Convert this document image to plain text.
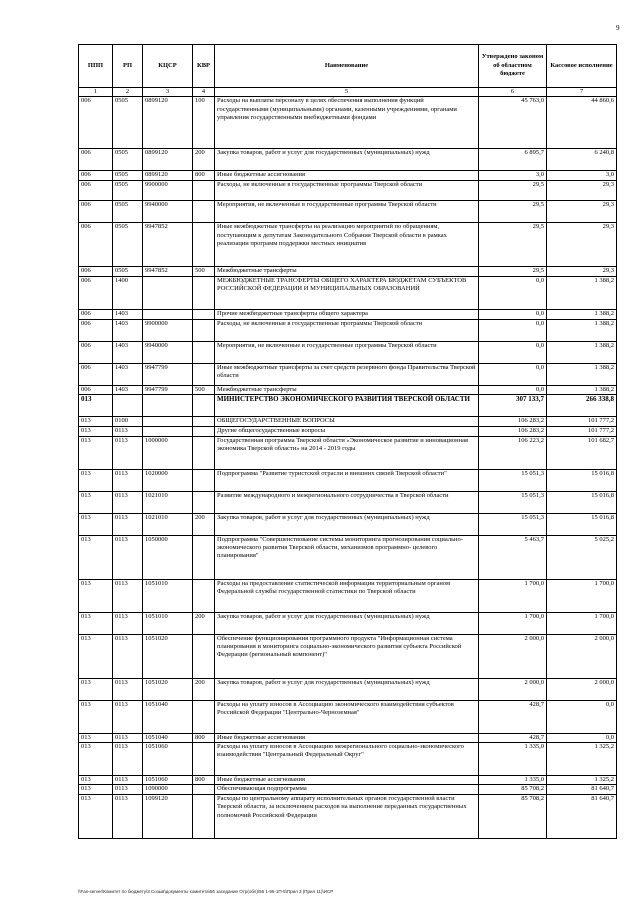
9
ППП	РП	КЦСР	КВР	Наименование	Утверждено законом об областном бюджете	Кассовое исполнение
1	2	3	4	5	6	7
006	0505	0899120	100	Расходы на выплаты персоналу в целях обеспечения выполнения функций государственными (муниципальными) органами, казенными учреждениями, органами управления государственными внебюджетными фондами	45 763,0	44 860,6
006	0505	0899120	200	Закупка товаров, работ и услуг для государственных (муниципальных) нужд	6 895,7	6 240,8
006	0505	0899120	800	Иные бюджетные ассигнования	3,0	3,0
006	0505	9900000		Расходы, не включенные в государственные программы Тверской области	29,5	29,3
006	0505	9940000		Мероприятия, не включенные в государственные программы Тверской области	29,5	29,3
006	0505	9947852		Иные межбюджетные трансферты на реализацию мероприятий по обращениям, поступающим к депутатам Законодательного Собрания Тверской области в рамках реализации программ поддержки местных инициатив	29,5	29,3
006	0505	9947852	500	Межбюджетные трансферты	29,5	29,3
006	1400			МЕЖБЮДЖЕТНЫЕ ТРАНСФЕРТЫ ОБЩЕГО ХАРАКТЕРА БЮДЖЕТАМ СУБЪЕКТОВ РОССИЙСКОЙ ФЕДЕРАЦИИ И МУНИЦИПАЛЬНЫХ ОБРАЗОВАНИЙ	0,0	1 388,2
006	1403			Прочие межбюджетные трансферты общего характера	0,0	1 388,2
006	1403	9900000		Расходы, не включенные в государственные программы Тверской области	0,0	1 388,2
006	1403	9940000		Мероприятия, не включенные в государственные программы Тверской области	0,0	1 388,2
006	1403	9947799		Иные межбюджетные трансферты за счет средств резервного фонда Правительства Тверской области	0,0	1 388,2
006	1403	9947799	500	Межбюджетные трансферты	0,0	1 388,2
013				МИНИСТЕРСТВО ЭКОНОМИЧЕСКОГО РАЗВИТИЯ ТВЕРСКОЙ ОБЛАСТИ	307 133,7	266 338,8
013	0100			ОБЩЕГОСУДАРСТВЕННЫЕ ВОПРОСЫ	106 283,2	101 777,2
013	0113			Другие общегосударственные вопросы	106 283,2	101 777,2
013	0113	1000000		Государственная программа Тверской области «Экономическое развитие и инновационная экономика Тверской области» на 2014 - 2019 годы	106 223,2	101 682,7
013	0113	1020000		Подпрограмма "Развитие туристской отрасли и внешних связей Тверской области"	15 051,3	15 016,8
013	0113	1021010		Развитие международного и межрегионального сотрудничества в Тверской области	15 051,3	15 016,8
013	0113	1021010	200	Закупка товаров, работ и услуг для государственных (муниципальных) нужд	15 051,3	15 016,8
013	0113	1050000		Подпрограмма "Совершенствование системы мониторинга прогнозирования социально-экономического развития Тверской области, механизмов программно- целевого планирования"	5 463,7	5 025,2
013	0113	1051010		Расходы на предоставление статистической информации территориальным органом Федеральной службы государственной статистики по Тверской области	1 700,0	1 700,0
013	0113	1051010	200	Закупка товаров, работ и услуг для государственных (муниципальных) нужд	1 700,0	1 700,0
013	0113	1051020		Обеспечение функционирования программного продукта "Информационная система планирования и мониторинга социально-экономического развития субъекта Российской Федерации (региональный компонент)"	2 000,0	2 000,0
013	0113	1051020	200	Закупка товаров, работ и услуг для государственных (муниципальных) нужд	2 000,0	2 000,0
013	0113	1051040		Расходы на уплату взносов в Ассоциацию экономического взаимодействия субъектов Российской Федерации "Центрально-Черноземная"	428,7	0,0
013	0113	1051040	800	Иные бюджетные ассигнования	428,7	0,0
013	0113	1051060		Расходы на уплату взносов в Ассоциацию межрегионального социально-экономического взаимодействия "Центральный Федеральный Округ"	1 335,0	1 325,2
013	0113	1051060	800	Иные бюджетные ассигнования	1 335,0	1 325,2
013	0113	1090000		Обеспечивающая подпрограмма	85 708,2	81 640,7
013	0113	1099120		Расходы по центральному аппарату исполнительных органов государственной власти Тверской области, за исключением расходов на выполнение переданных государственных полномочий Российской Федерации	85 708,2	81 640,7
\\Fas-server\Комитет по бюджету\3 Созыв\документы комитета\56 заседание Отр(обл)\56 1-96-1П-5\Прил 3 (Прил 11)\ИСР
